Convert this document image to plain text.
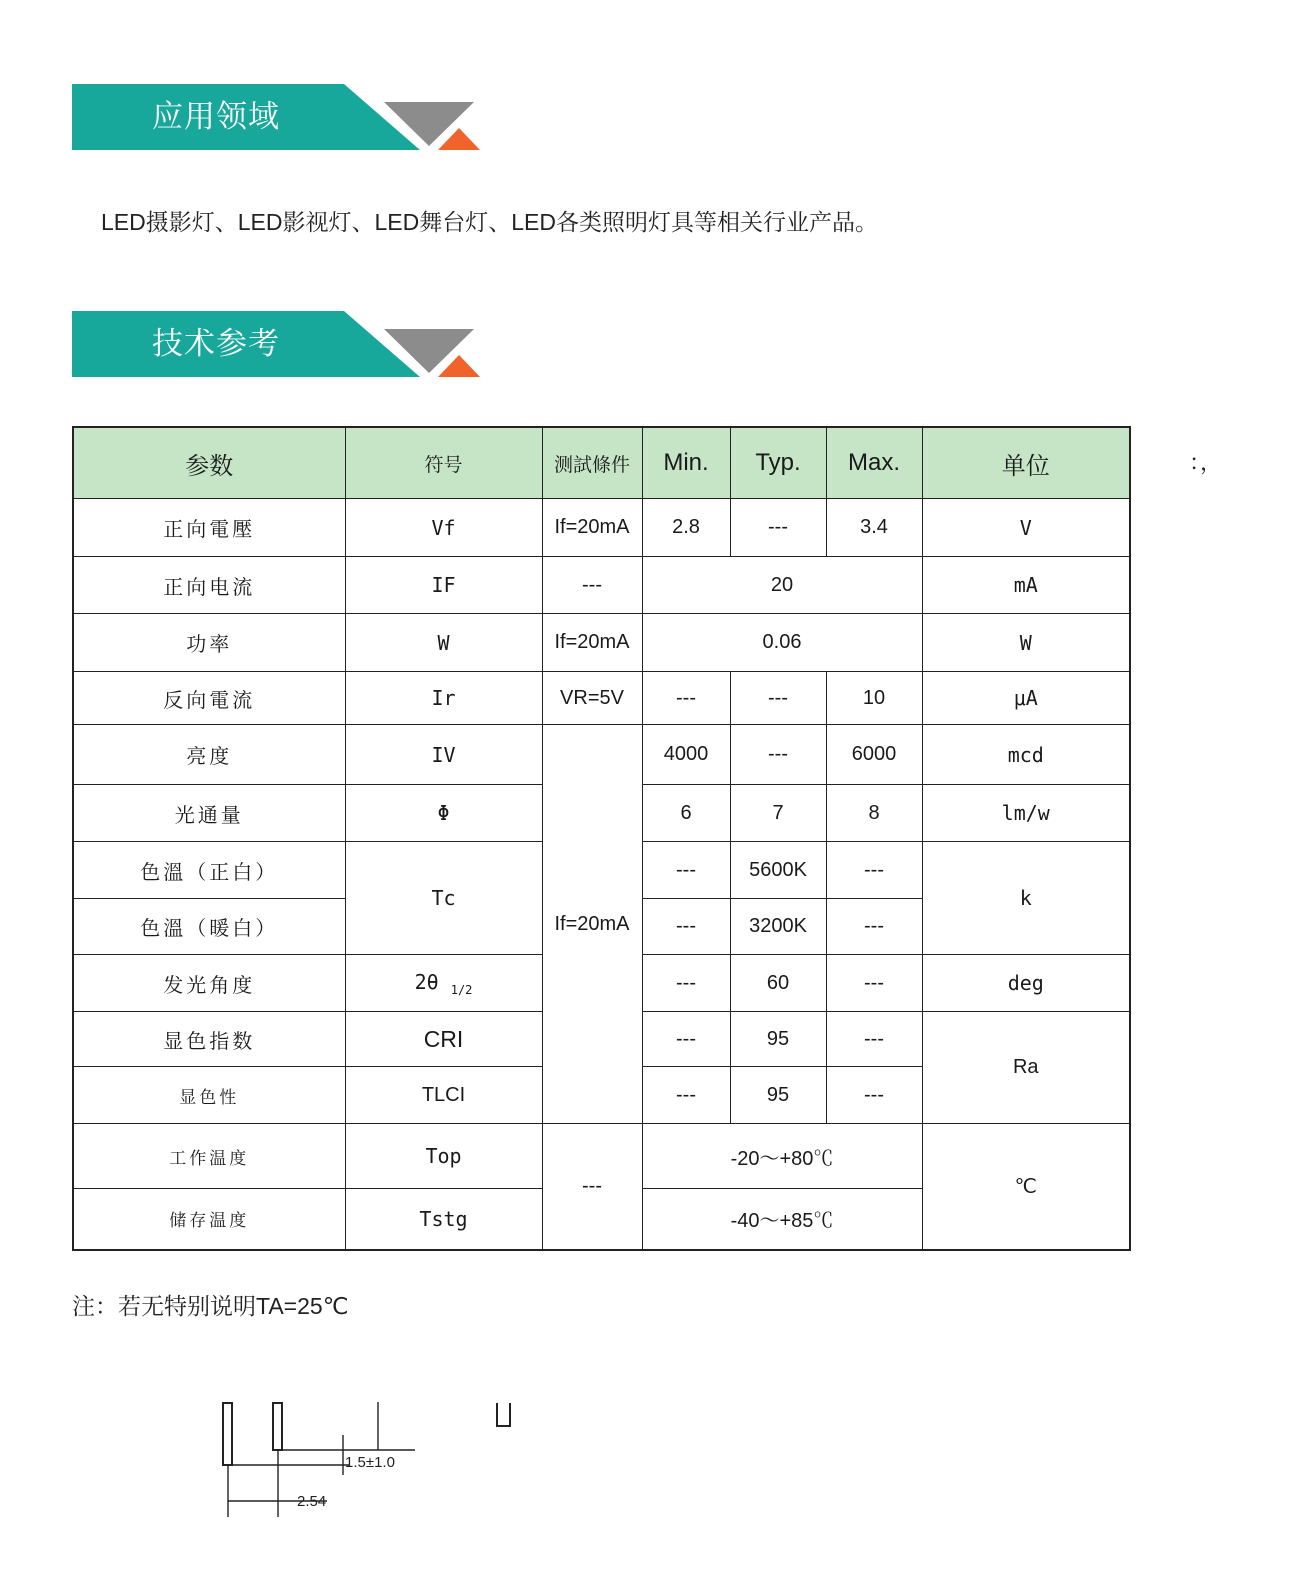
应用领域
LED摄影灯、LED影视灯、LED舞台灯、LED各类照明灯具等相关行业产品。
技术参考
：，
参数	符号	测試條件	Min.	Typ.	Max.	单位
正向電壓	Vf	If=20mA	2.8	---	3.4	V
正向电流	IF	---	20			mA
功率	W	If=20mA	0.06			W
反向電流	Ir	VR=5V	---	---	10	μA
亮度	IV	If=20mA	4000	---	6000	mcd
光通量	Φ		6	7	8	lm/w
色溫（正白）	Tc		---	5600K	---	k
色溫（暖白）			---	3200K	---	
发光角度	2θ $_{1/2}$		---	60	---	deg
显色指数	CRI		---	95	---	Ra
显色性	TLCI		---	95	---	
工作温度	Top	---	-20～+80℃			℃
储存温度	Tstg		-40～+85℃			
注：若无特别说明TA=25℃
1.5±1.0
2.54
